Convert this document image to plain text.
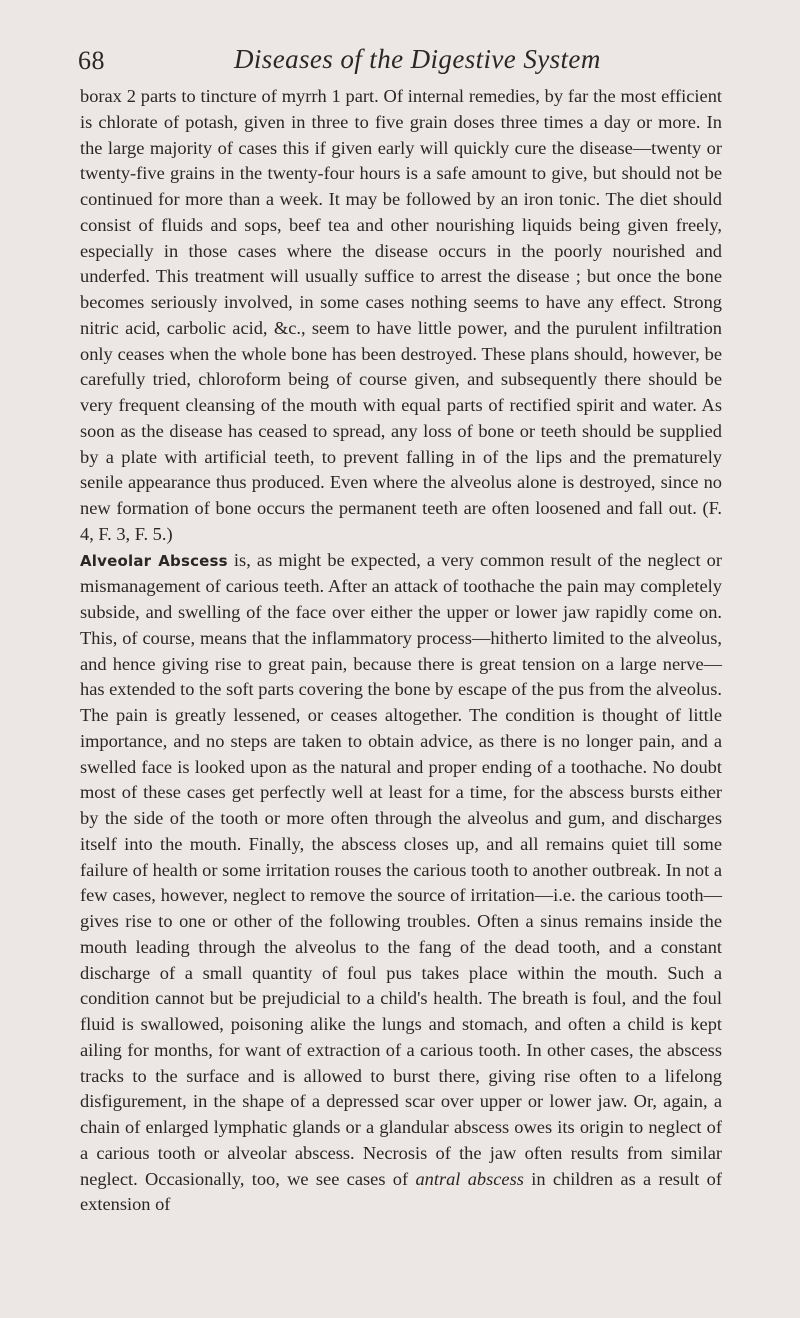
68	Diseases of the Digestive System

borax 2 parts to tincture of myrrh 1 part. Of internal remedies, by far the most efficient is chlorate of potash, given in three to five grain doses three times a day or more. In the large majority of cases this if given early will quickly cure the disease—twenty or twenty-five grains in the twenty-four hours is a safe amount to give, but should not be continued for more than a week. It may be followed by an iron tonic. The diet should consist of fluids and sops, beef tea and other nourishing liquids being given freely, especially in those cases where the disease occurs in the poorly nourished and underfed. This treatment will usually suffice to arrest the disease ; but once the bone becomes seriously involved, in some cases nothing seems to have any effect. Strong nitric acid, carbolic acid, &c., seem to have little power, and the purulent infiltration only ceases when the whole bone has been destroyed. These plans should, however, be carefully tried, chloroform being of course given, and subsequently there should be very frequent cleansing of the mouth with equal parts of rectified spirit and water. As soon as the disease has ceased to spread, any loss of bone or teeth should be supplied by a plate with artificial teeth, to prevent falling in of the lips and the prematurely senile appearance thus produced. Even where the alveolus alone is destroyed, since no new formation of bone occurs the permanent teeth are often loosened and fall out. (F. 4, F. 3, F. 5.)

Alveolar Abscess is, as might be expected, a very common result of the neglect or mismanagement of carious teeth. After an attack of toothache the pain may completely subside, and swelling of the face over either the upper or lower jaw rapidly come on. This, of course, means that the inflammatory process—hitherto limited to the alveolus, and hence giving rise to great pain, because there is great tension on a large nerve—has extended to the soft parts covering the bone by escape of the pus from the alveolus. The pain is greatly lessened, or ceases altogether. The condition is thought of little importance, and no steps are taken to obtain advice, as there is no longer pain, and a swelled face is looked upon as the natural and proper ending of a toothache. No doubt most of these cases get perfectly well at least for a time, for the abscess bursts either by the side of the tooth or more often through the alveolus and gum, and discharges itself into the mouth. Finally, the abscess closes up, and all remains quiet till some failure of health or some irritation rouses the carious tooth to another outbreak. In not a few cases, however, neglect to remove the source of irritation—i.e. the carious tooth—gives rise to one or other of the following troubles. Often a sinus remains inside the mouth leading through the alveolus to the fang of the dead tooth, and a constant discharge of a small quantity of foul pus takes place within the mouth. Such a condition cannot but be prejudicial to a child's health. The breath is foul, and the foul fluid is swallowed, poisoning alike the lungs and stomach, and often a child is kept ailing for months, for want of extraction of a carious tooth. In other cases, the abscess tracks to the surface and is allowed to burst there, giving rise often to a lifelong disfigurement, in the shape of a depressed scar over upper or lower jaw. Or, again, a chain of enlarged lymphatic glands or a glandular abscess owes its origin to neglect of a carious tooth or alveolar abscess. Necrosis of the jaw often results from similar neglect. Occasionally, too, we see cases of antral abscess in children as a result of extension of
